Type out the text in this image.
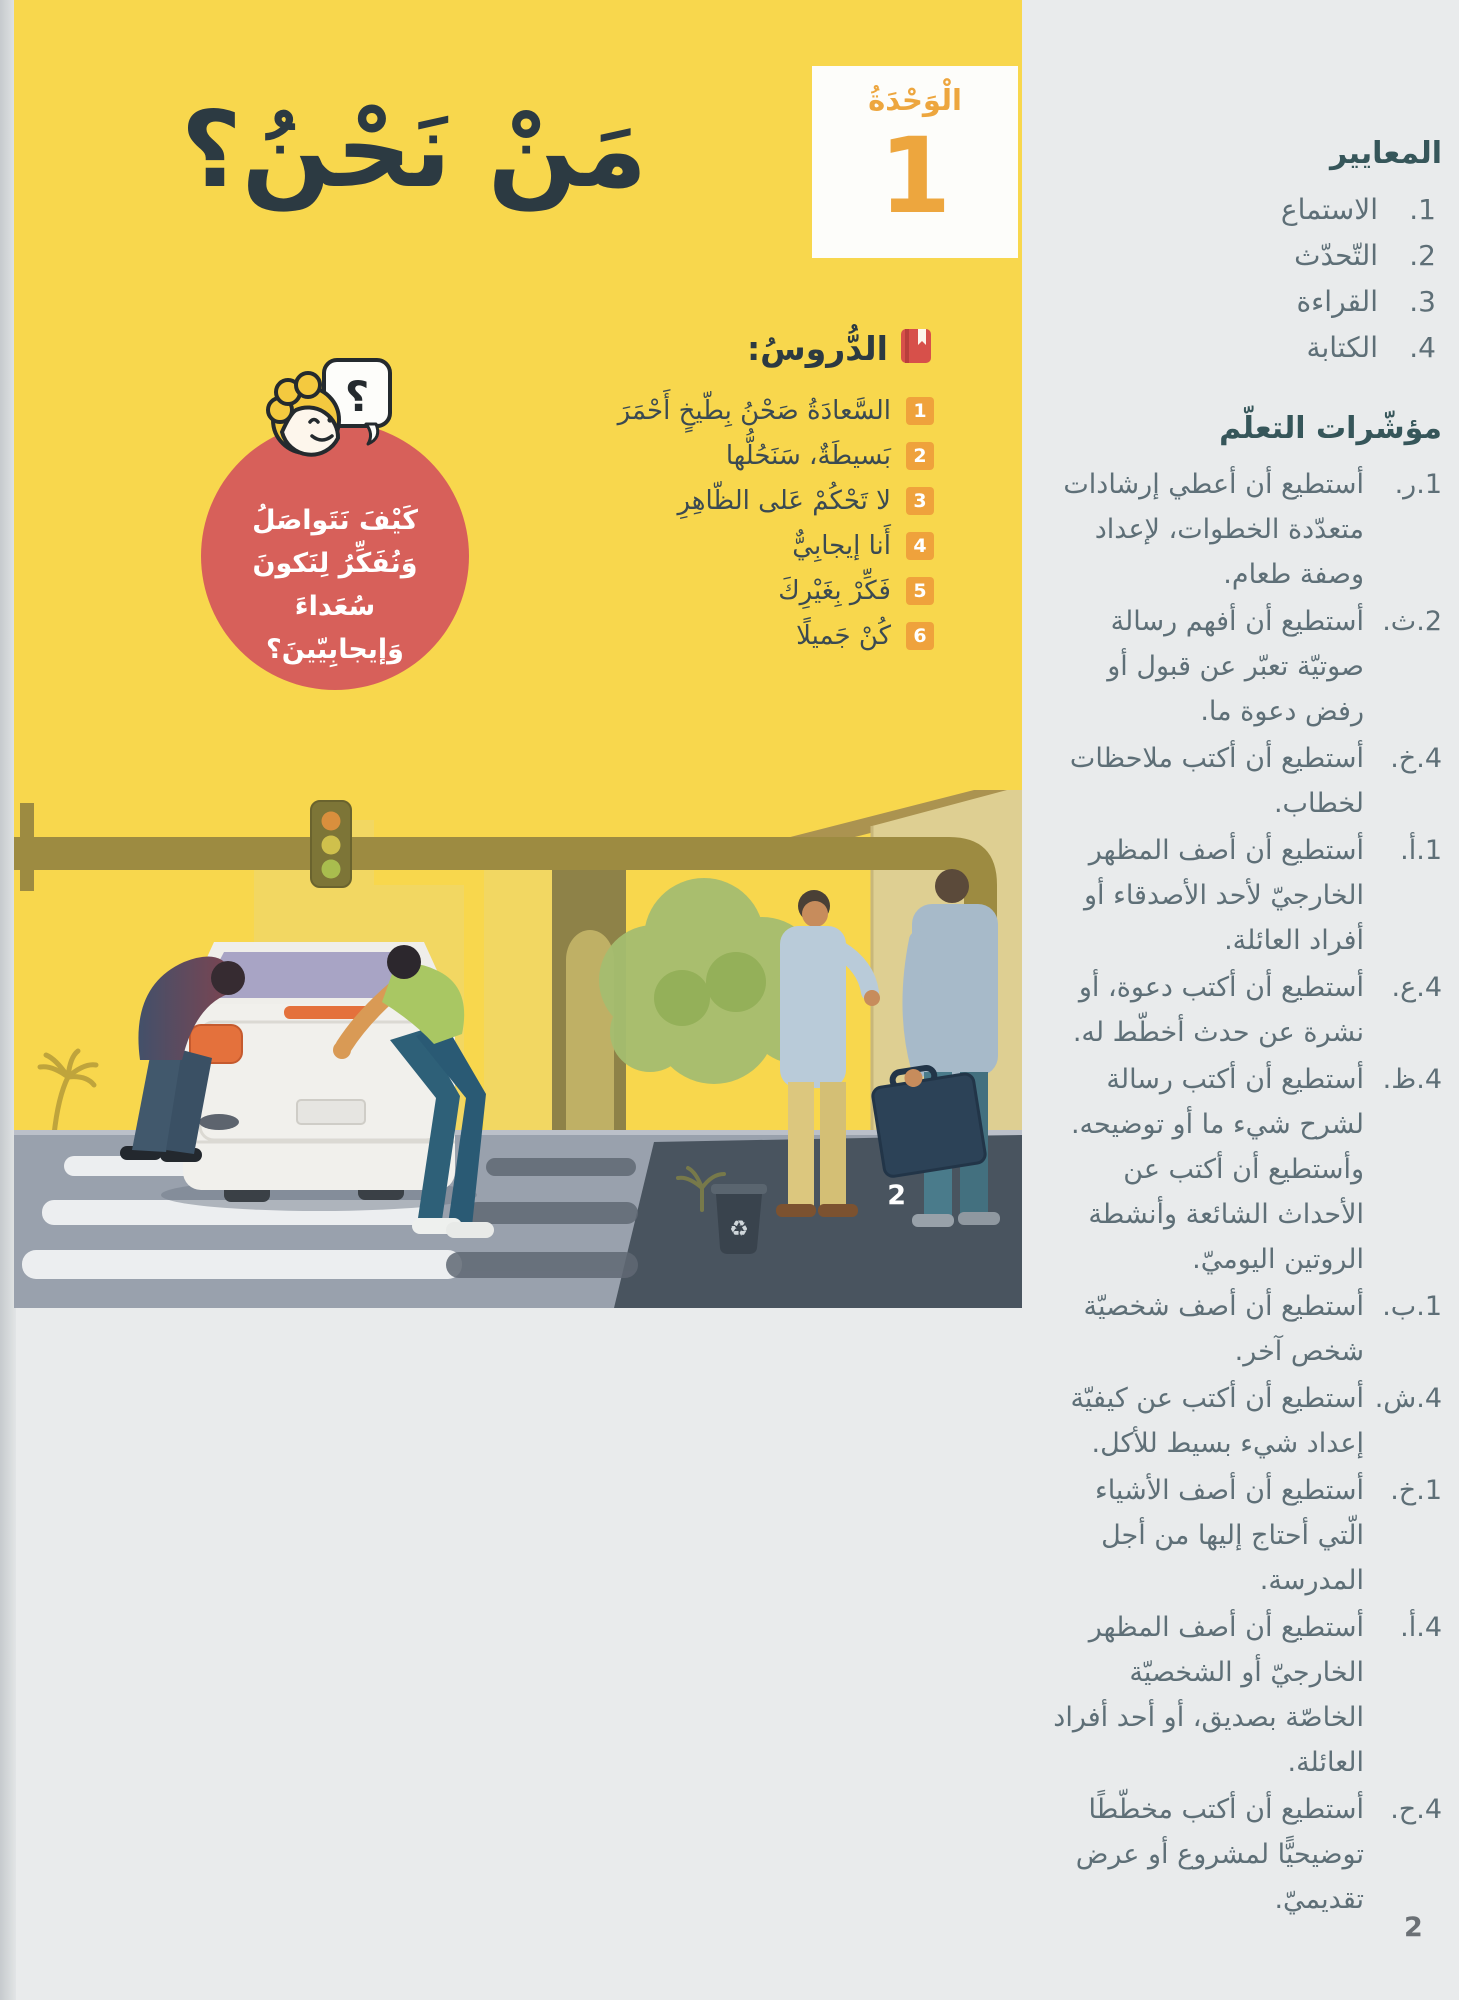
الْوَحْدَةُ
1
مَنْ نَحْنُ؟
الدُّروسُ:
1
السَّعادَةُ صَحْنُ بِطّيخٍ أَحْمَرَ
2
بَسيطَةٌ، سَنَحُلُّها
3
لا تَحْكُمْ عَلى الظّاهِرِ
4
أَنا إيجابِيٌّ
5
فَكِّرْ بِغَيْرِكَ
6
كُنْ جَميلًا
كَيْفَ نَتَواصَلُ
وَنُفَكِّرُ لِنَكونَ
سُعَداءَ
وَإيجابِيّينَ؟
؟
♻
2
المعايير
1.
الاستماع
2.
التّحدّث
3.
القراءة
4.
الكتابة
مؤشّرات التعلّم
1.ر.
أستطيع أن أعطي إرشادات متعدّدة الخطوات، لإعداد وصفة طعام.
2.ث.
أستطيع أن أفهم رسالة صوتيّة تعبّر عن قبول أو رفض دعوة ما.
4.خ.
أستطيع أن أكتب ملاحظات لخطاب.
1.أ.
أستطيع أن أصف المظهر الخارجيّ لأحد الأصدقاء أو أفراد العائلة.
4.ع.
أستطيع أن أكتب دعوة، أو نشرة عن حدث أخطّط له.
4.ظ.
أستطيع أن أكتب رسالة لشرح شيء ما أو توضيحه. وأستطيع أن أكتب عن الأحداث الشائعة وأنشطة الروتين اليوميّ.
1.ب.
أستطيع أن أصف شخصيّة شخص آخر.
4.ش.
أستطيع أن أكتب عن كيفيّة إعداد شيء بسيط للأكل.
1.خ.
أستطيع أن أصف الأشياء الّتي أحتاج إليها من أجل المدرسة.
4.أ.
أستطيع أن أصف المظهر الخارجيّ أو الشخصيّة الخاصّة بصديق، أو أحد أفراد العائلة.
4.ح.
أستطيع أن أكتب مخطّطًا توضيحيًّا لمشروع أو عرض تقديميّ.
2
